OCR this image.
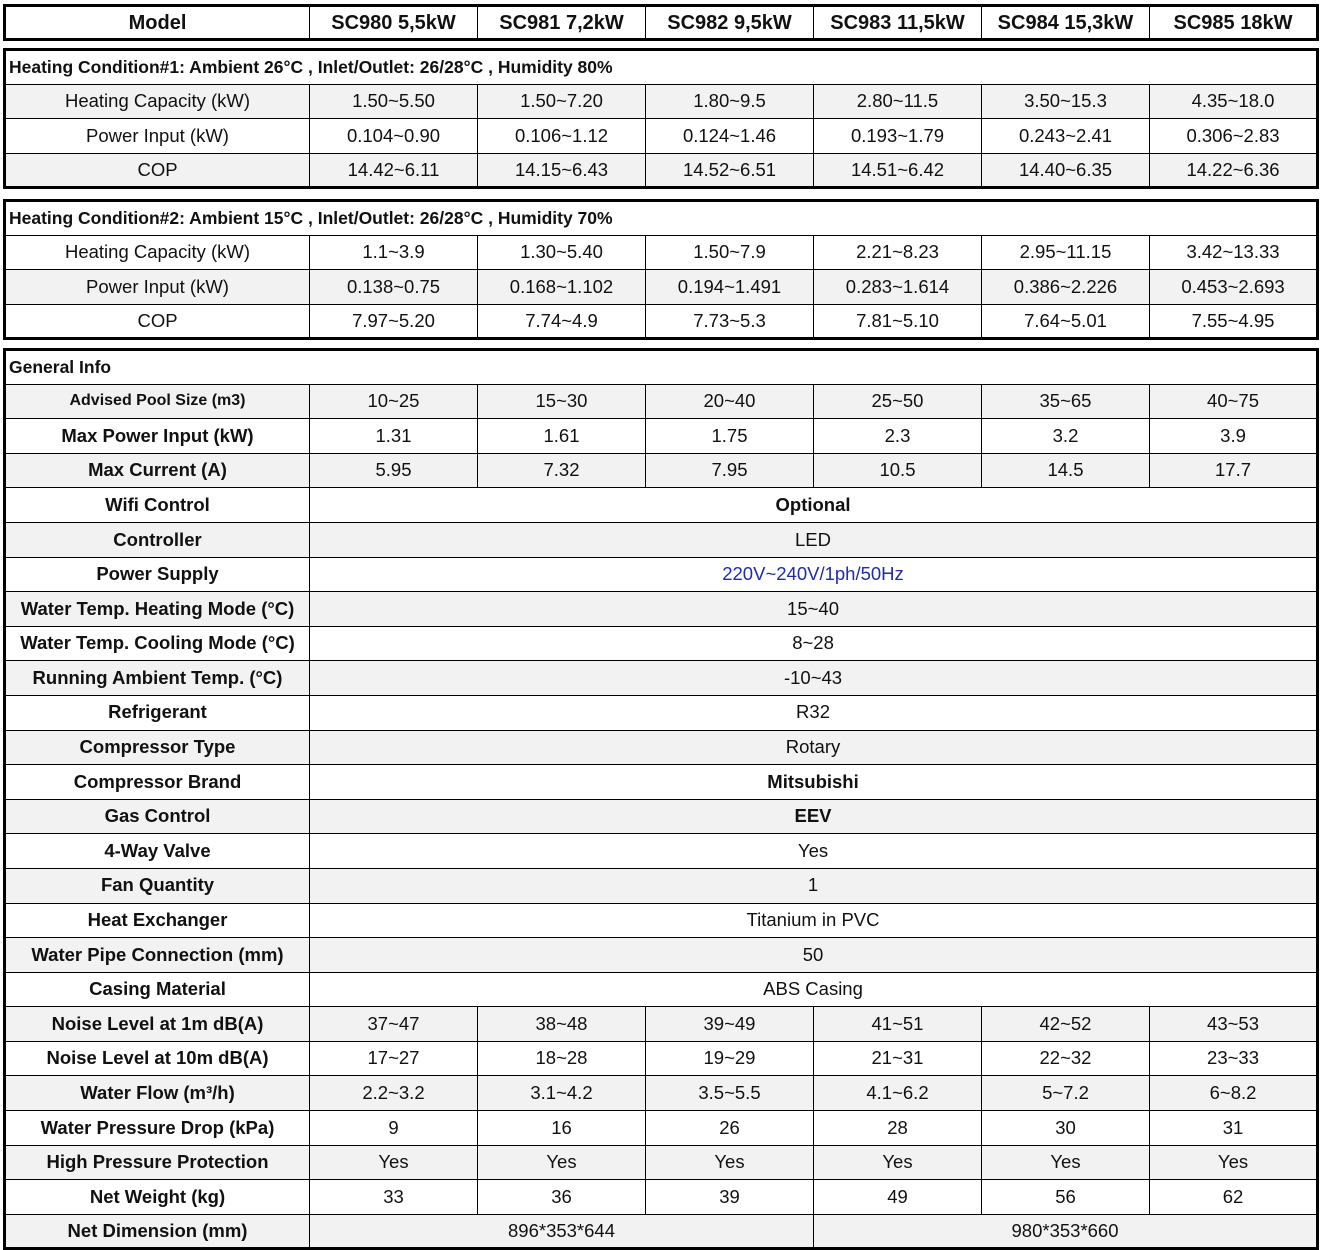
Model	SC980 5,5kW	SC981 7,2kW	SC982 9,5kW	SC983 11,5kW	SC984 15,3kW	SC985 18kW
Heating Condition#1: Ambient 26°C , Inlet/Outlet: 26/28°C , Humidity 80%						
Heating Capacity (kW)	1.50~5.50	1.50~7.20	1.80~9.5	2.80~11.5	3.50~15.3	4.35~18.0
Power Input (kW)	0.104~0.90	0.106~1.12	0.124~1.46	0.193~1.79	0.243~2.41	0.306~2.83
COP	14.42~6.11	14.15~6.43	14.52~6.51	14.51~6.42	14.40~6.35	14.22~6.36
Heating Condition#2: Ambient 15°C , Inlet/Outlet: 26/28°C , Humidity 70%						
Heating Capacity (kW)	1.1~3.9	1.30~5.40	1.50~7.9	2.21~8.23	2.95~11.15	3.42~13.33
Power Input (kW)	0.138~0.75	0.168~1.102	0.194~1.491	0.283~1.614	0.386~2.226	0.453~2.693
COP	7.97~5.20	7.74~4.9	7.73~5.3	7.81~5.10	7.64~5.01	7.55~4.95
General Info						
Advised Pool Size (m3)	10~25	15~30	20~40	25~50	35~65	40~75
Max Power Input (kW)	1.31	1.61	1.75	2.3	3.2	3.9
Max Current (A)	5.95	7.32	7.95	10.5	14.5	17.7
Wifi Control	Optional					
Controller	LED					
Power Supply	220V~240V/1ph/50Hz					
Water Temp. Heating Mode (°C)	15~40					
Water Temp. Cooling Mode (°C)	8~28					
Running Ambient Temp. (°C)	-10~43					
Refrigerant	R32					
Compressor Type	Rotary					
Compressor Brand	Mitsubishi					
Gas Control	EEV					
4-Way Valve	Yes					
Fan Quantity	1					
Heat Exchanger	Titanium in PVC					
Water Pipe Connection (mm)	50					
Casing Material	ABS Casing					
Noise Level at 1m dB(A)	37~47	38~48	39~49	41~51	42~52	43~53
Noise Level at 10m dB(A)	17~27	18~28	19~29	21~31	22~32	23~33
Water Flow (m³/h)	2.2~3.2	3.1~4.2	3.5~5.5	4.1~6.2	5~7.2	6~8.2
Water Pressure Drop (kPa)	9	16	26	28	30	31
High Pressure Protection	Yes	Yes	Yes	Yes	Yes	Yes
Net Weight (kg)	33	36	39	49	56	62
Net Dimension (mm)	896*353*644			980*353*660		
